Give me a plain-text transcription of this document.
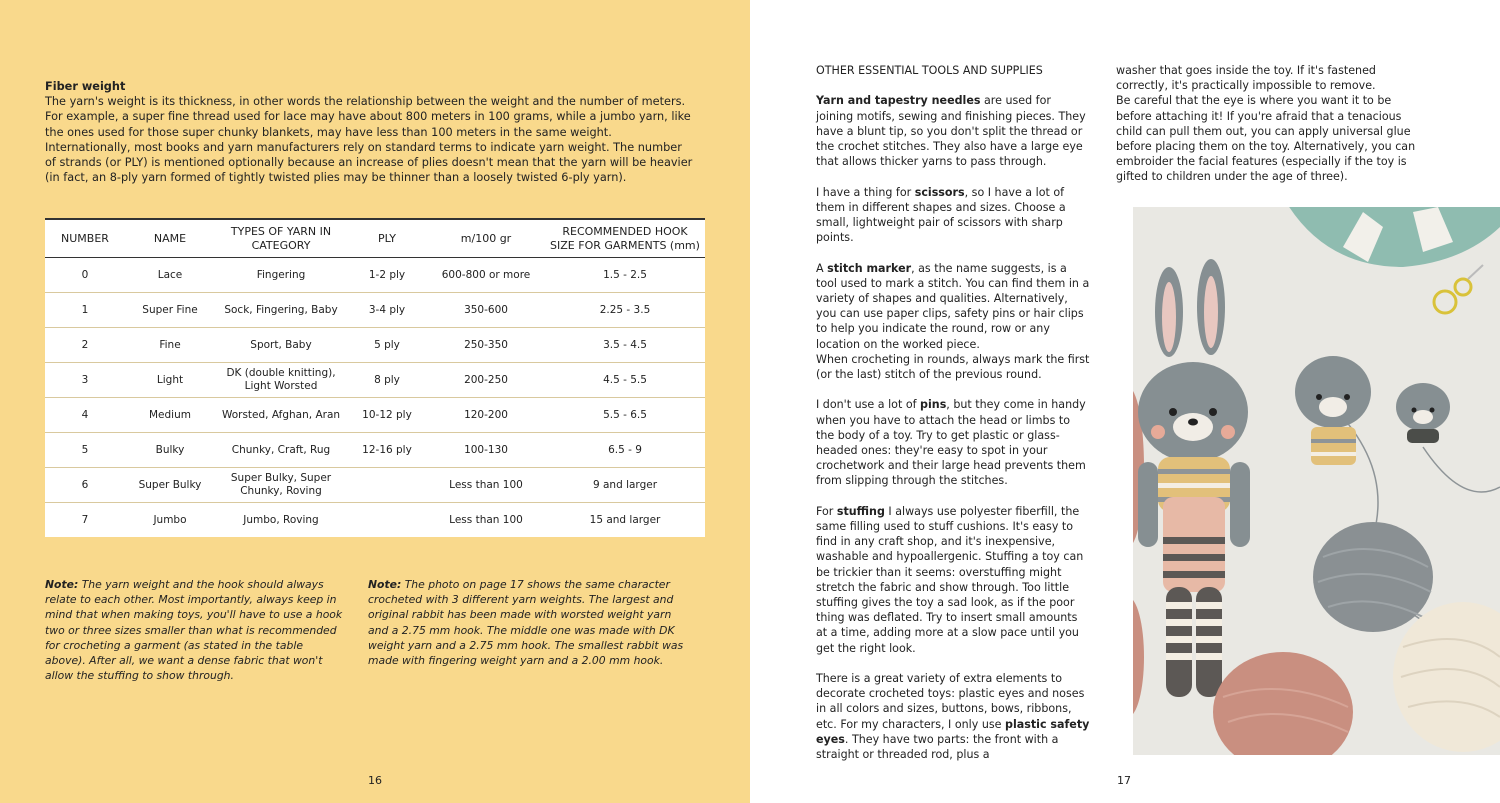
Fiber weight
The yarn's weight is its thickness, in other words the relationship between the weight and the number of meters. For example, a super fine thread used for lace may have about 800 meters in 100 grams, while a jumbo yarn, like the ones used for those super chunky blankets, may have less than 100 meters in the same weight. Internationally, most books and yarn manufacturers rely on standard terms to indicate yarn weight. The number of strands (or PLY) is mentioned optionally because an increase of plies doesn't mean that the yarn will be heavier (in fact, an 8-ply yarn formed of tightly twisted plies may be thinner than a loosely twisted 6-ply yarn).
NUMBER	NAME	TYPES OF YARN IN CATEGORY	PLY	m/100 gr	RECOMMENDED HOOK SIZE FOR GARMENTS (mm)
0	Lace	Fingering	1-2 ply	600-800 or more	1.5 - 2.5
1	Super Fine	Sock, Fingering, Baby	3-4 ply	350-600	2.25 - 3.5
2	Fine	Sport, Baby	5 ply	250-350	3.5 - 4.5
3	Light	DK (double knitting), Light Worsted	8 ply	200-250	4.5 - 5.5
4	Medium	Worsted, Afghan, Aran	10-12 ply	120-200	5.5 - 6.5
5	Bulky	Chunky, Craft, Rug	12-16 ply	100-130	6.5 - 9
6	Super Bulky	Super Bulky, Super Chunky, Roving		Less than 100	9 and larger
7	Jumbo	Jumbo, Roving		Less than 100	15 and larger
Note: The yarn weight and the hook should always relate to each other. Most importantly, always keep in mind that when making toys, you'll have to use a hook two or three sizes smaller than what is recommended for crocheting a garment (as stated in the table above). After all, we want a dense fabric that won't allow the stuffing to show through.
Note: The photo on page 17 shows the same character crocheted with 3 different yarn weights. The largest and original rabbit has been made with worsted weight yarn and a 2.75 mm hook. The middle one was made with DK weight yarn and a 2.75 mm hook. The smallest rabbit was made with fingering weight yarn and a 2.00 mm hook.
16

OTHER ESSENTIAL TOOLS AND SUPPLIES

Yarn and tapestry needles are used for joining motifs, sewing and finishing pieces. They have a blunt tip, so you don't split the thread or the crochet stitches. They also have a large eye that allows thicker yarns to pass through.

I have a thing for scissors, so I have a lot of them in different shapes and sizes. Choose a small, lightweight pair of scissors with sharp points.

A stitch marker, as the name suggests, is a tool used to mark a stitch. You can find them in a variety of shapes and qualities. Alternatively, you can use paper clips, safety pins or hair clips to help you indicate the round, row or any location on the worked piece.
When crocheting in rounds, always mark the first (or the last) stitch of the previous round.

I don't use a lot of pins, but they come in handy when you have to attach the head or limbs to the body of a toy. Try to get plastic or glass-headed ones: they're easy to spot in your crochetwork and their large head prevents them from slipping through the stitches.

For stuffing I always use polyester fiberfill, the same filling used to stuff cushions. It's easy to find in any craft shop, and it's inexpensive, washable and hypoallergenic. Stuffing a toy can be trickier than it seems: overstuffing might stretch the fabric and show through. Too little stuffing gives the toy a sad look, as if the poor thing was deflated. Try to insert small amounts at a time, adding more at a slow pace until you get the right look.

There is a great variety of extra elements to decorate crocheted toys: plastic eyes and noses in all colors and sizes, buttons, bows, ribbons, etc. For my characters, I only use plastic safety eyes. They have two parts: the front with a straight or threaded rod, plus a

washer that goes inside the toy. If it's fastened correctly, it's practically impossible to remove.

Be careful that the eye is where you want it to be before attaching it! If you're afraid that a tenacious child can pull them out, you can apply universal glue before placing them on the toy. Alternatively, you can embroider the facial features (especially if the toy is gifted to children under the age of three).

17
